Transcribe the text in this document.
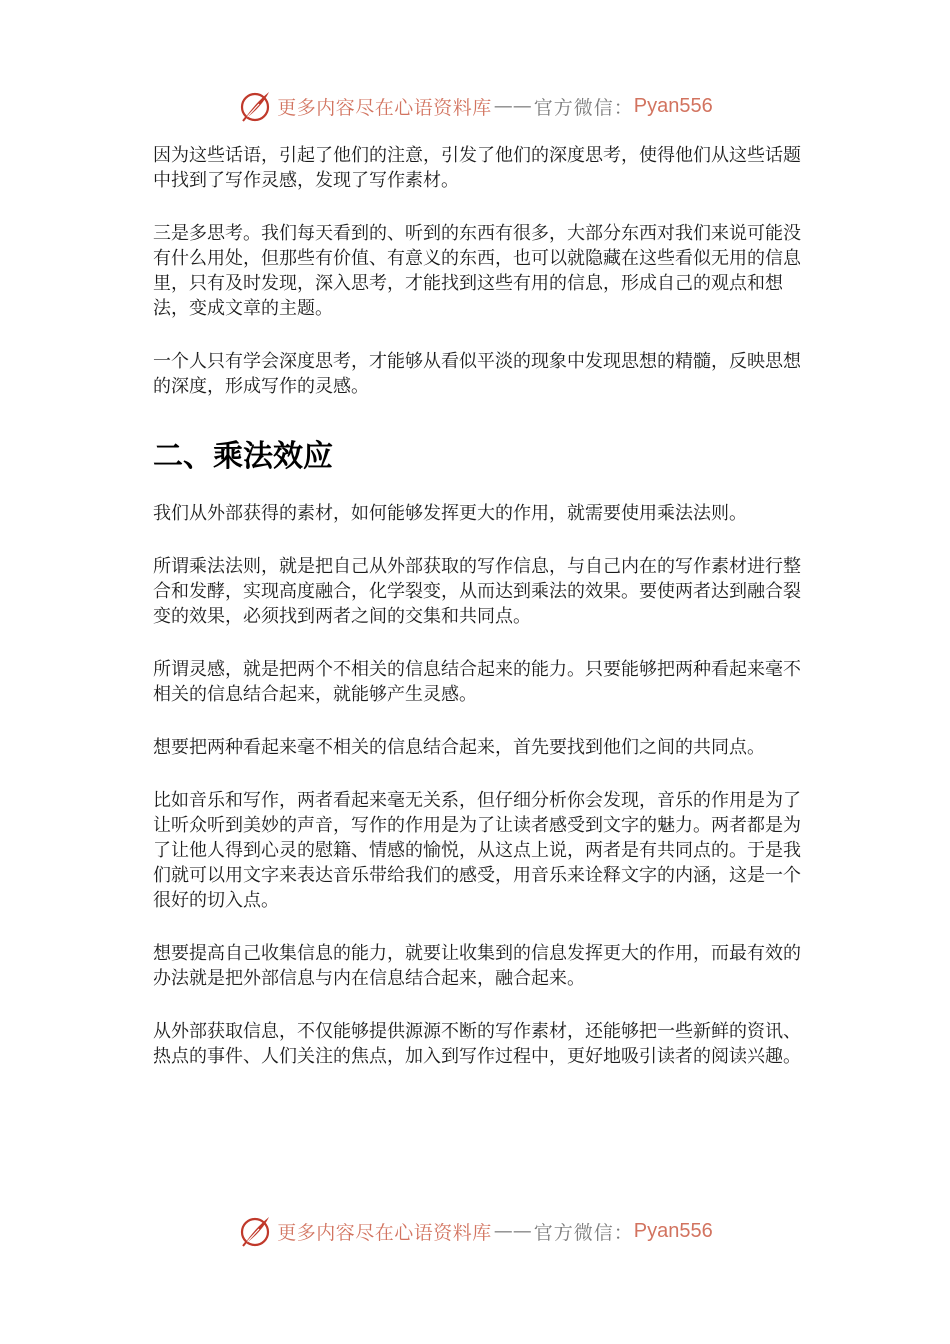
更多内容尽在心语资料库 —— 官方微信： Pyan556

因为这些话语，引起了他们的注意，引发了他们的深度思考，使得他们从这些话题中找到了写作灵感，发现了写作素材。

三是多思考。我们每天看到的、听到的东西有很多，大部分东西对我们来说可能没有什么用处，但那些有价值、有意义的东西，也可以就隐藏在这些看似无用的信息里，只有及时发现，深入思考，才能找到这些有用的信息，形成自己的观点和想法，变成文章的主题。

一个人只有学会深度思考，才能够从看似平淡的现象中发现思想的精髓，反映思想的深度，形成写作的灵感。

二、乘法效应

我们从外部获得的素材，如何能够发挥更大的作用，就需要使用乘法法则。

所谓乘法法则，就是把自己从外部获取的写作信息，与自己内在的写作素材进行整合和发酵，实现高度融合，化学裂变，从而达到乘法的效果。要使两者达到融合裂变的效果，必须找到两者之间的交集和共同点。

所谓灵感，就是把两个不相关的信息结合起来的能力。只要能够把两种看起来毫不相关的信息结合起来，就能够产生灵感。

想要把两种看起来毫不相关的信息结合起来，首先要找到他们之间的共同点。

比如音乐和写作，两者看起来毫无关系，但仔细分析你会发现，音乐的作用是为了让听众听到美妙的声音，写作的作用是为了让读者感受到文字的魅力。两者都是为了让他人得到心灵的慰籍、情感的愉悦，从这点上说，两者是有共同点的。于是我们就可以用文字来表达音乐带给我们的感受，用音乐来诠释文字的内涵，这是一个很好的切入点。

想要提高自己收集信息的能力，就要让收集到的信息发挥更大的作用，而最有效的办法就是把外部信息与内在信息结合起来，融合起来。

从外部获取信息，不仅能够提供源源不断的写作素材，还能够把一些新鲜的资讯、热点的事件、人们关注的焦点，加入到写作过程中，更好地吸引读者的阅读兴趣。

更多内容尽在心语资料库 —— 官方微信： Pyan556
